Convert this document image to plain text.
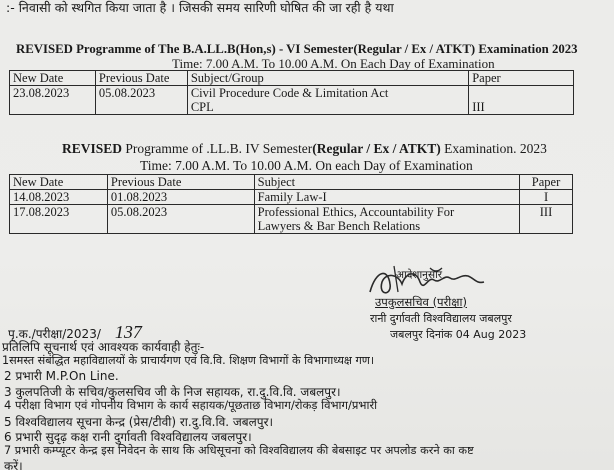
:- निवासी को स्थगित किया जाता है । जिसकी समय सारिणी घोषित की जा रही है यथा
REVISED Programme of The B.A.LL.B(Hon,s) - VI Semester(Regular / Ex / ATKT) Examination 2023
Time: 7.00 A.M. To 10.00 A.M. On Each Day of Examination
New Date	Previous Date	Subject/Group	Paper
23.08.2023	05.08.2023	Civil Procedure Code & Limitation Act
CPL	III
REVISED Programme of .LL.B. IV Semester(Regular / Ex / ATKT) Examination. 2023
Time: 7.00 A.M. To 10.00 A.M. On each Day of Examination
New Date	Previous Date	Subject	Paper
14.08.2023	01.08.2023	Family Law-I	I
17.08.2023	05.08.2023	Professional Ethics, Accountability For
Lawyers & Bar Bench Relations	III
आदेशानुसार
उपकुलसचिव (परीक्षा)
रानी दुर्गावती विश्वविद्यालय जबलपुर
जबलपुर दिनांक 04 Aug 2023
पृ.क./परीक्षा/2023/ 137
प्रतिलिपि सूचनार्थ एवं आवश्यक कार्यवाही हेतुः-
1समस्त संबंद्धित महाविद्यालयों के प्राचार्यगण एवं वि.वि. शिक्षण विभागों के विभागाध्यक्ष गण।
2 प्रभारी M.P.On Line.
3 कुलपतिजी के सचिव/कुलसचिव जी के निज सहायक, रा.दु.वि.वि. जबलपुर।
4 परीक्षा विभाग एवं गोपनीय विभाग के कार्य सहायक/पूछताछ विभाग/रोकड़ विभाग/प्रभारी
5 विश्वविद्यालय सूचना केन्द्र (प्रेस/टीवी) रा.दु.वि.वि. जबलपुर।
6 प्रभारी सुदृढ़ कक्ष रानी दुर्गावती विश्वविद्यालय जबलपुर।
7 प्रभारी कम्प्यूटर केन्द्र इस निवेदन के साथ कि अधिसूचना को विश्वविद्यालय की बेबसाइट पर अपलोड करने का कष्ट
करें।
